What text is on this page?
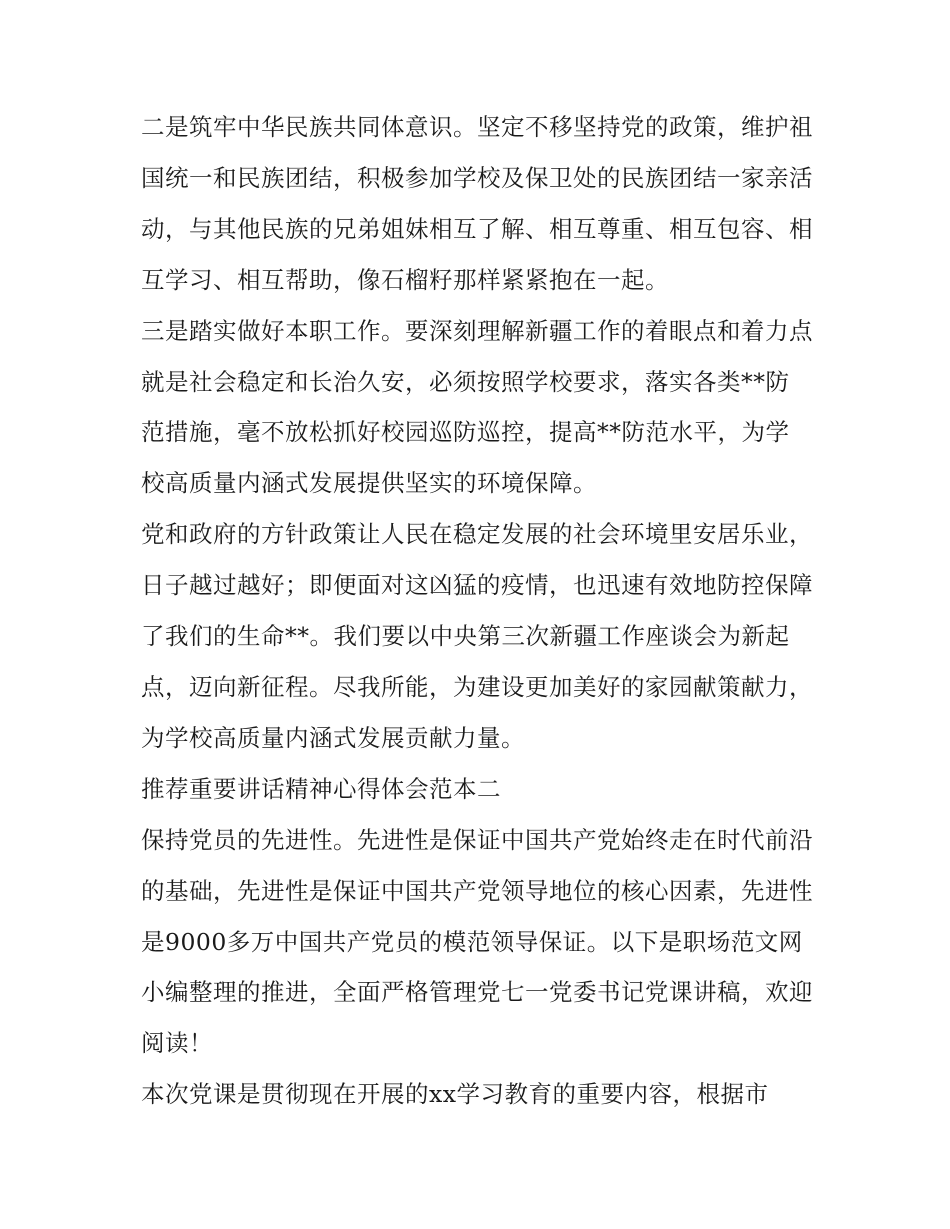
二是筑牢中华民族共同体意识。坚定不移坚持党的政策，维护祖国统一和民族团结，积极参加学校及保卫处的民族团结一家亲活动，与其他民族的兄弟姐妹相互了解、相互尊重、相互包容、相互学习、相互帮助，像石榴籽那样紧紧抱在一起。

三是踏实做好本职工作。要深刻理解新疆工作的着眼点和着力点就是社会稳定和长治久安，必须按照学校要求，落实各类**防范措施，毫不放松抓好校园巡防巡控，提高**防范水平，为学校高质量内涵式发展提供坚实的环境保障。

党和政府的方针政策让人民在稳定发展的社会环境里安居乐业，日子越过越好；即便面对这凶猛的疫情，也迅速有效地防控保障了我们的生命**。我们要以中央第三次新疆工作座谈会为新起点，迈向新征程。尽我所能，为建设更加美好的家园献策献力，为学校高质量内涵式发展贡献力量。

推荐重要讲话精神心得体会范本二

保持党员的先进性。先进性是保证中国共产党始终走在时代前沿的基础，先进性是保证中国共产党领导地位的核心因素，先进性是9000多万中国共产党员的模范领导保证。以下是职场范文网小编整理的推进，全面严格管理党七一党委书记党课讲稿，欢迎阅读！

本次党课是贯彻现在开展的xx学习教育的重要内容，根据市
